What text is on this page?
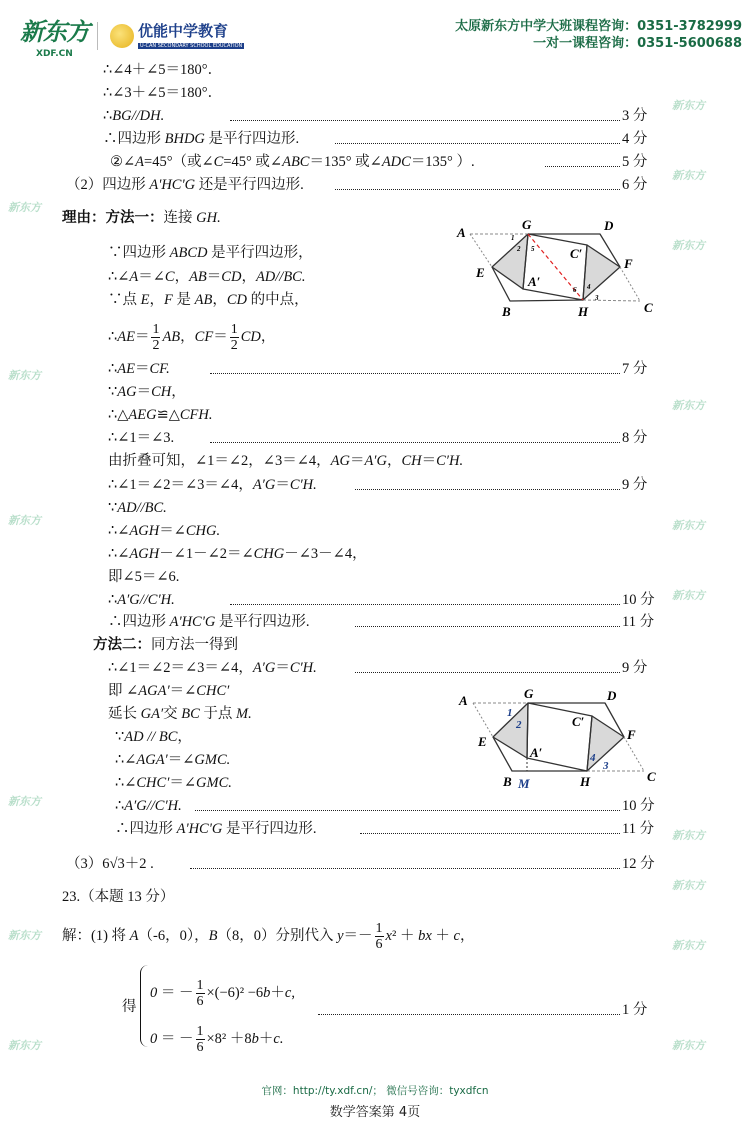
新东方
XDF.CN
优能中学教育
U-CAN SECONDARY SCHOOL EDUCATION
太原新东方中学大班课程咨询：0351-3782999
一对一课程咨询：0351-5600688
∴∠4＋∠5＝180°．
∴∠3＋∠5＝180°．
∴BG//DH.	3 分
∴四边形 BHDG 是平行四边形.	4 分
②∠A=45°（或∠C=45° 或∠ABC＝135° 或∠ADC＝135° ）.	5 分
（2）四边形 A'HC'G 还是平行四边形.	6 分
理由：方法一：连接 GH.
∵四边形 ABCD 是平行四边形，
∴∠A＝∠C，AB＝CD，AD//BC.
∵点 E，F 是 AB，CD 的中点，
∴AE＝ $\frac{1}{2}$ AB，$CF= \frac{1}{2}$ CD，
∴AE＝CF.	7 分
∵AG＝CH，
∴△AEG≌△CFH.
∴∠1＝∠3.	8 分
由折叠可知，∠1＝∠2，∠3＝∠4，AG＝A′G，CH＝C′H.
∴∠1＝∠2＝∠3＝∠4，A′G＝C′H.	9 分
∵AD//BC.
∴∠AGH＝∠CHG.
∴∠AGH－∠1－∠2＝∠CHG－∠3－∠4，
即∠5＝∠6.
∴A′G//C′H.	10 分
∴四边形 A'HC'G 是平行四边形.	11 分
方法二：同方法一得到
∴∠1＝∠2＝∠3＝∠4，A′G＝C′H.	9 分
即 ∠AGA′＝∠CHC′
延长 GA′交 BC 于点 M.
∵AD // BC，
∴∠AGA′＝∠GMC.
∴∠CHC′＝∠GMC.
∴A′G//C′H.	10 分
∴四边形 A'HC'G 是平行四边形.	11 分
（3）6√3＋2 .	12 分
23.（本题 13 分）
解：(1) 将 A（-6，0），B（8，0）分别代入 $y=- \frac{1}{6} x^2$ ＋ bx ＋ c，
得
0 ＝ － $\frac{1}{6} \times(-6)^2 -6b+c$,
0 ＝ － $\frac{1}{6} \times 8^2 +8b+c$.
1 分
A
G	D
C′
F
E
A′
B	H	C
1
2 5
6 4
3
A	G	D
C′
F
E
A′
B M	H	C
1
2
4
3
新东方
新东方
新东方
新东方
新东方
新东方
新东方	新东方
新东方
新东方
新东方
新东方
新东方
新东方
新东方
新东方
官网：http://ty.xdf.cn/； 微信号咨询：tyxdfcn
数学答案第 4页
